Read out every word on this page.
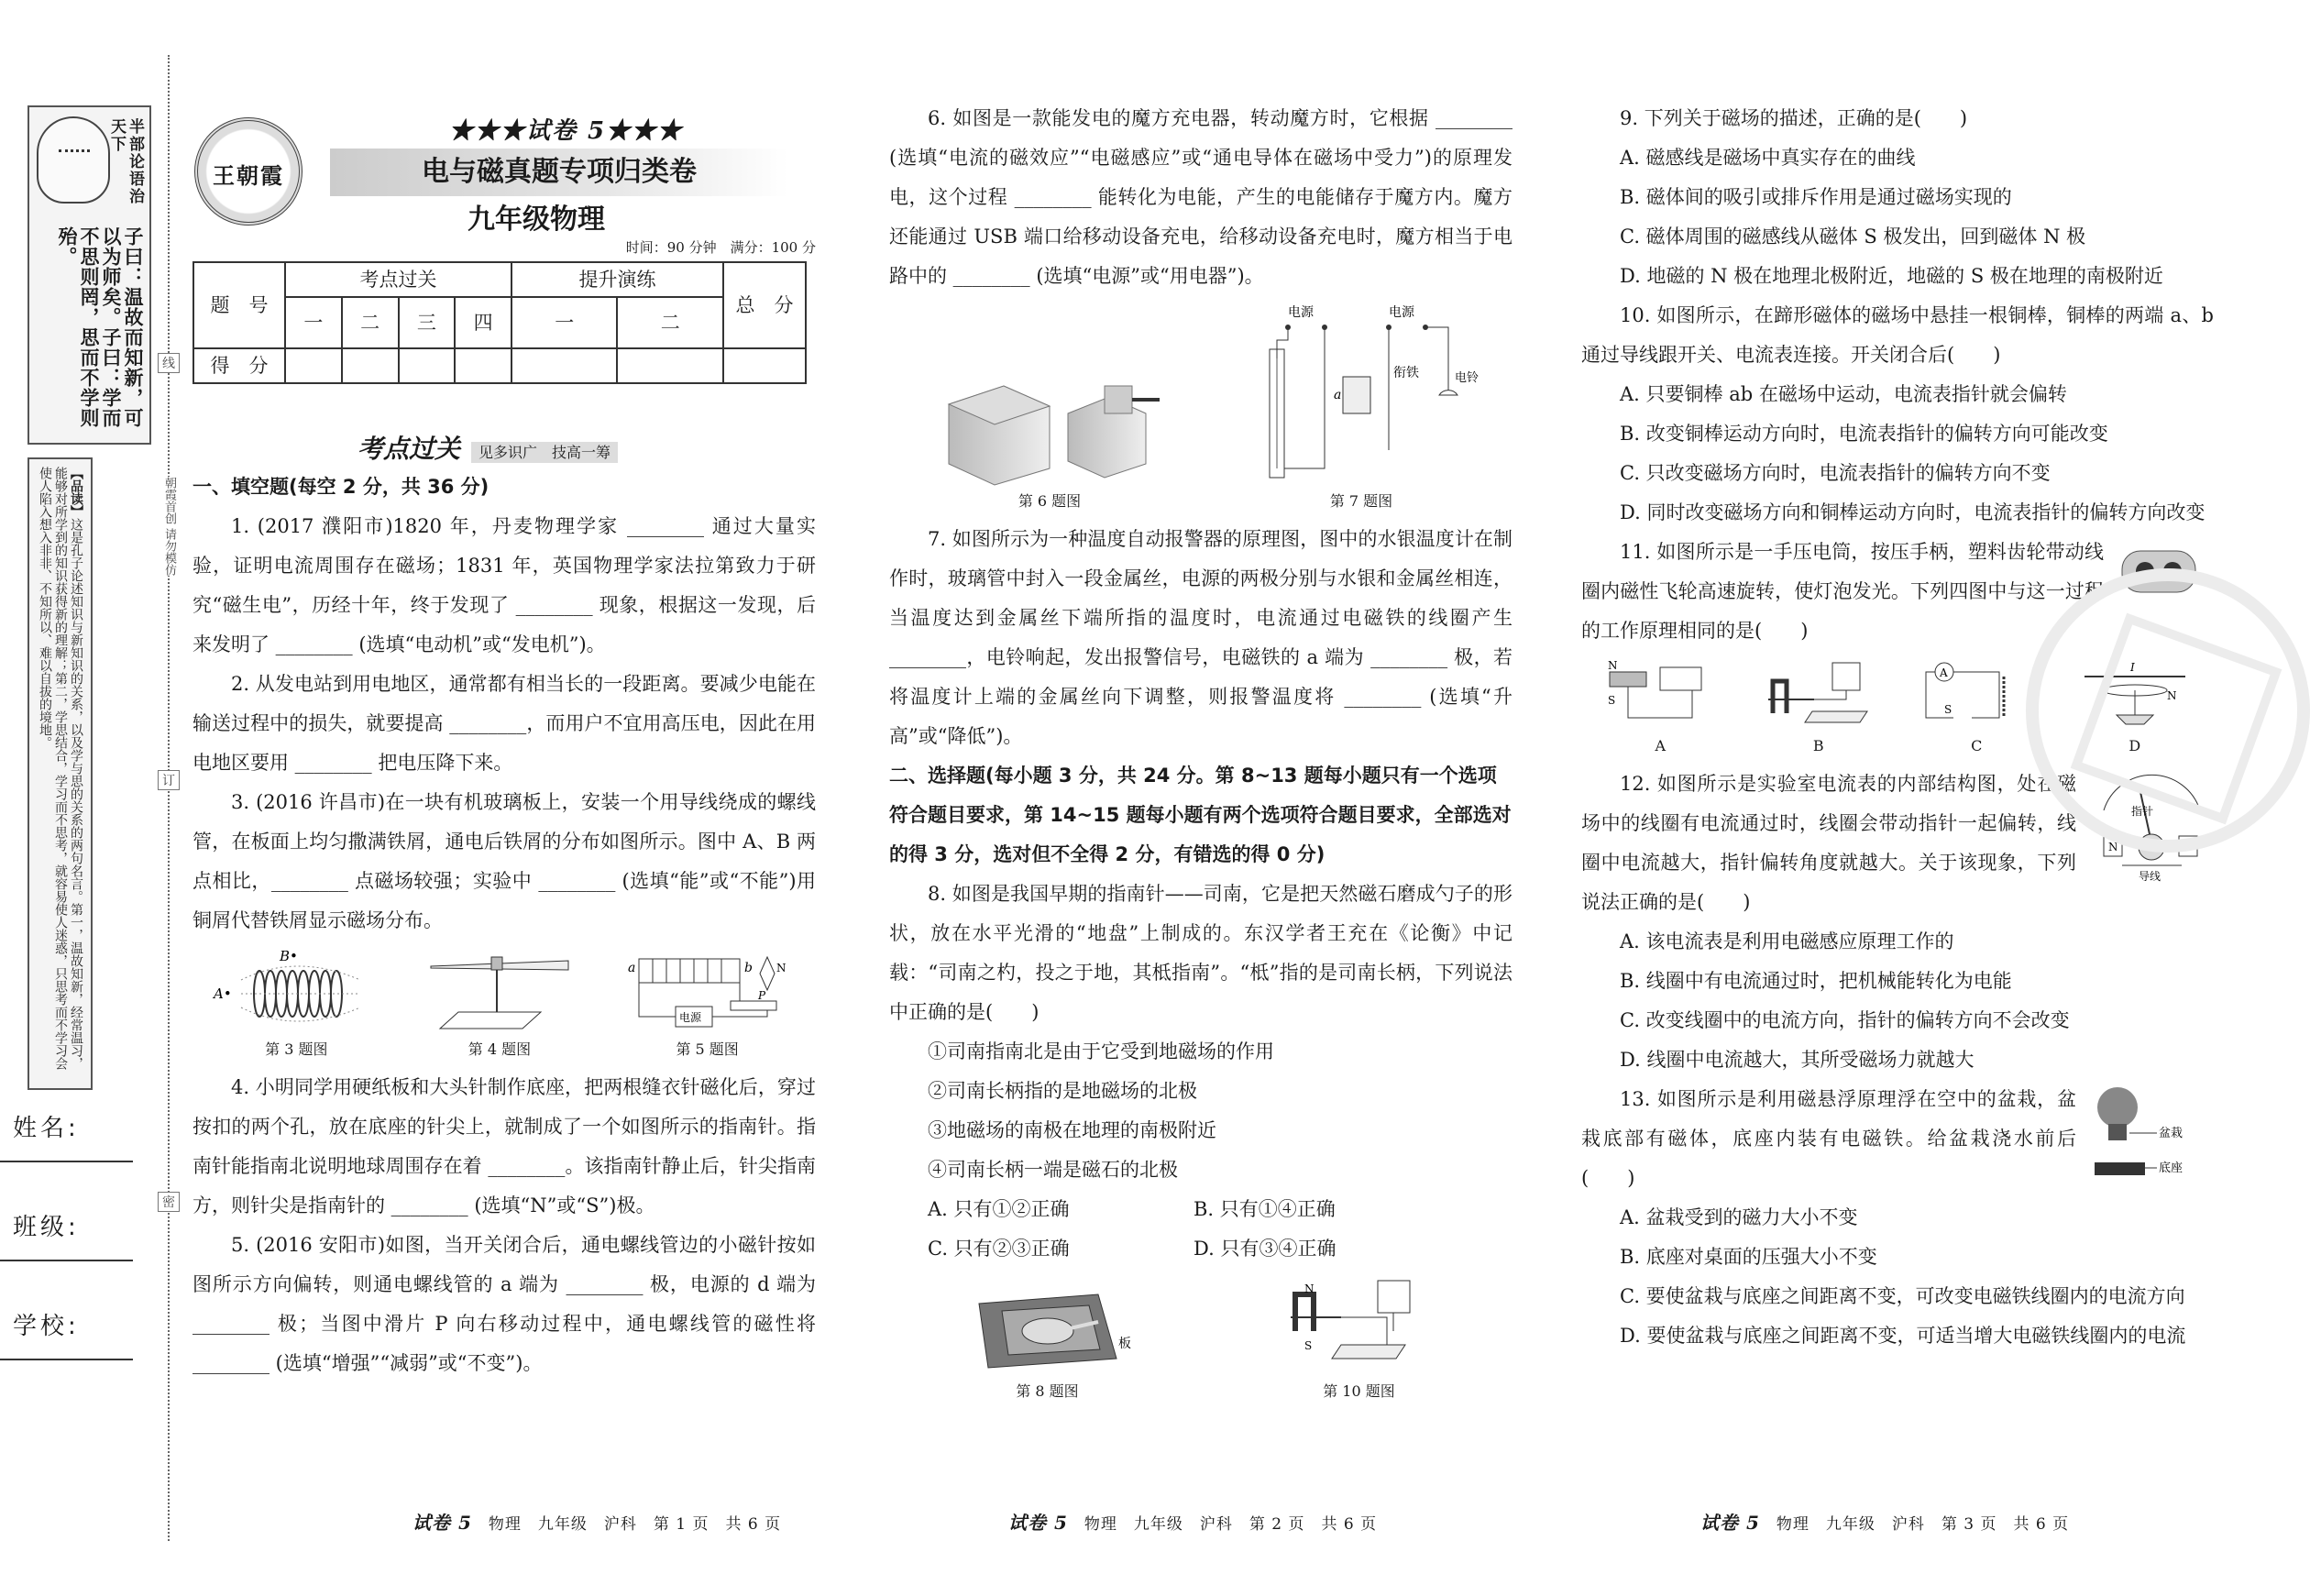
半部论语治天下
子曰：温故而知新，可以为师矣。子曰：学而不思则罔，思而不学则殆。
【品读】这是孔子论述知识与新知识的关系，以及学与思的关系的两句名言。第一，温故知新，经常温习，能够对所学到的知识获得新的理解；第二，学思结合，学习而不思考，就容易使人迷惑，只思考而不学习会使人陷入想入非非、不知所以、难以自拔的境地。
姓名:
班级:
学校:
线
订
密
朝霞首创 请勿模仿
王朝霞
★★★试卷 5★★★
电与磁真题专项归类卷
九年级物理
时间：90 分钟　满分：100 分
题　号	考点过关				提升演练		总　分
	一	二	三	四	一	二	
得　分							
考点过关 见多识广　技高一筹
一、填空题(每空 2 分，共 36 分)

1. (2017 濮阳市)1820 年，丹麦物理学家 ________ 通过大量实验，证明电流周围存在磁场；1831 年，英国物理学家法拉第致力于研究“磁生电”，历经十年，终于发现了 ________ 现象，根据这一发现，后来发明了 ________ (选填“电动机”或“发电机”)。

2. 从发电站到用电地区，通常都有相当长的一段距离。要减少电能在输送过程中的损失，就要提高 ________，而用户不宜用高压电，因此在用电地区要用 ________ 把电压降下来。

3. (2016 许昌市)在一块有机玻璃板上，安装一个用导线绕成的螺线管，在板面上均匀撒满铁屑，通电后铁屑的分布如图所示。图中 A、B 两点相比，________ 点磁场较强；实验中 ________ (选填“能”或“不能”)用铜屑代替铁屑显示磁场分布。

B•
A•
第 3 题图	第 4 题图
a	b N
电源
P
第 5 题图

4. 小明同学用硬纸板和大头针制作底座，把两根缝衣针磁化后，穿过按扣的两个孔，放在底座的针尖上，就制成了一个如图所示的指南针。指南针能指南北说明地球周围存在着 ________。该指南针静止后，针尖指南方，则针尖是指南针的 ________ (选填“N”或“S”)极。

5. (2016 安阳市)如图，当开关闭合后，通电螺线管边的小磁针按如图所示方向偏转，则通电螺线管的 a 端为 ________ 极，电源的 d 端为 ________ 极；当图中滑片 P 向右移动过程中，通电螺线管的磁性将 ________ (选填“增强”“减弱”或“不变”)。

试卷 5 物理　九年级　沪科　第 1 页　共 6 页

6. 如图是一款能发电的魔方充电器，转动魔方时，它根据 ________ (选填“电流的磁效应”“电磁感应”或“通电导体在磁场中受力”)的原理发电，这个过程 ________ 能转化为电能，产生的电能储存于魔方内。魔方还能通过 USB 端口给移动设备充电，给移动设备充电时，魔方相当于电路中的 ________ (选填“电源”或“用电器”)。

第 6 题图
电源	电源
a
衔铁	电铃
第 7 题图

7. 如图所示为一种温度自动报警器的原理图，图中的水银温度计在制作时，玻璃管中封入一段金属丝，电源的两极分别与水银和金属丝相连，当温度达到金属丝下端所指的温度时，电流通过电磁铁的线圈产生 ________，电铃响起，发出报警信号，电磁铁的 a 端为 ________ 极，若将温度计上端的金属丝向下调整，则报警温度将 ________ (选填“升高”或“降低”)。

二、选择题(每小题 3 分，共 24 分。第 8~13 题每小题只有一个选项符合题目要求，第 14~15 题每小题有两个选项符合题目要求，全部选对的得 3 分，选对但不全得 2 分，有错选的得 0 分)

8. 如图是我国早期的指南针——司南，它是把天然磁石磨成勺子的形状，放在水平光滑的“地盘”上制成的。东汉学者王充在《论衡》中记载：“司南之杓，投之于地，其柢指南”。“柢”指的是司南长柄，下列说法中正确的是(　　)

①司南指南北是由于它受到地磁场的作用
②司南长柄指的是地磁场的北极
③地磁场的南极在地理的南极附近
④司南长柄一端是磁石的北极
A. 只有①②正确	B. 只有①④正确
C. 只有②③正确	D. 只有③④正确
板
第 8 题图
N
S
第 10 题图
试卷 5 物理　九年级　沪科　第 2 页　共 6 页

9. 下列关于磁场的描述，正确的是(　　)

A. 磁感线是磁场中真实存在的曲线
B. 磁体间的吸引或排斥作用是通过磁场实现的
C. 磁体周围的磁感线从磁体 S 极发出，回到磁体 N 极
D. 地磁的 N 极在地理北极附近，地磁的 S 极在地理的南极附近

10. 如图所示，在蹄形磁体的磁场中悬挂一根铜棒，铜棒的两端 a、b 通过导线跟开关、电流表连接。开关闭合后(　　)

A. 只要铜棒 ab 在磁场中运动，电流表指针就会偏转
B. 改变铜棒运动方向时，电流表指针的偏转方向可能改变
C. 只改变磁场方向时，电流表指针的偏转方向不变
D. 同时改变磁场方向和铜棒运动方向时，电流表指针的偏转方向改变

11. 如图所示是一手压电筒，按压手柄，塑料齿轮带动线圈内磁性飞轮高速旋转，使灯泡发光。下列四图中与这一过程的工作原理相同的是(　　)

N
S
A	B
A
S
C
I
S	N
D
指针
N	S
导线

12. 如图所示是实验室电流表的内部结构图，处在磁场中的线圈有电流通过时，线圈会带动指针一起偏转，线圈中电流越大，指针偏转角度就越大。关于该现象，下列说法正确的是(　　)

A. 该电流表是利用电磁感应原理工作的
B. 线圈中有电流通过时，把机械能转化为电能
C. 改变线圈中的电流方向，指针的偏转方向不会改变
D. 线圈中电流越大，其所受磁场力就越大
盆栽
底座

13. 如图所示是利用磁悬浮原理浮在空中的盆栽，盆栽底部有磁体，底座内装有电磁铁。给盆栽浇水前后(　　)

A. 盆栽受到的磁力大小不变
B. 底座对桌面的压强大小不变
C. 要使盆栽与底座之间距离不变，可改变电磁铁线圈内的电流方向
D. 要使盆栽与底座之间距离不变，可适当增大电磁铁线圈内的电流
试卷 5 物理　九年级　沪科　第 3 页　共 6 页
